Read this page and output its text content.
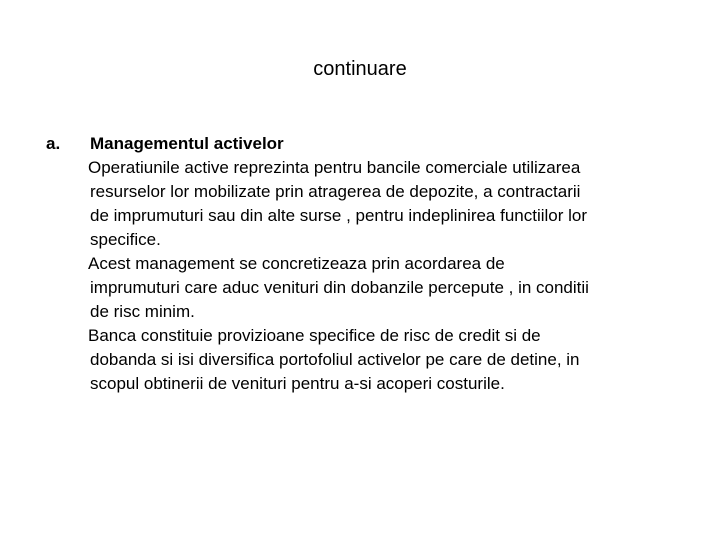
continuare
a. Managementul activelor
Operatiunile active reprezinta pentru bancile comerciale utilizarea
resurselor lor mobilizate prin atragerea de depozite, a contractarii
de imprumuturi sau din alte surse , pentru indeplinirea functiilor lor
specifice.
Acest management se concretizeaza prin acordarea de
imprumuturi care aduc venituri din dobanzile percepute , in conditii
de risc minim.
Banca constituie provizioane specifice de risc de credit si de
dobanda si isi diversifica portofoliul activelor pe care de detine, in
scopul obtinerii de venituri pentru a-si acoperi costurile.
